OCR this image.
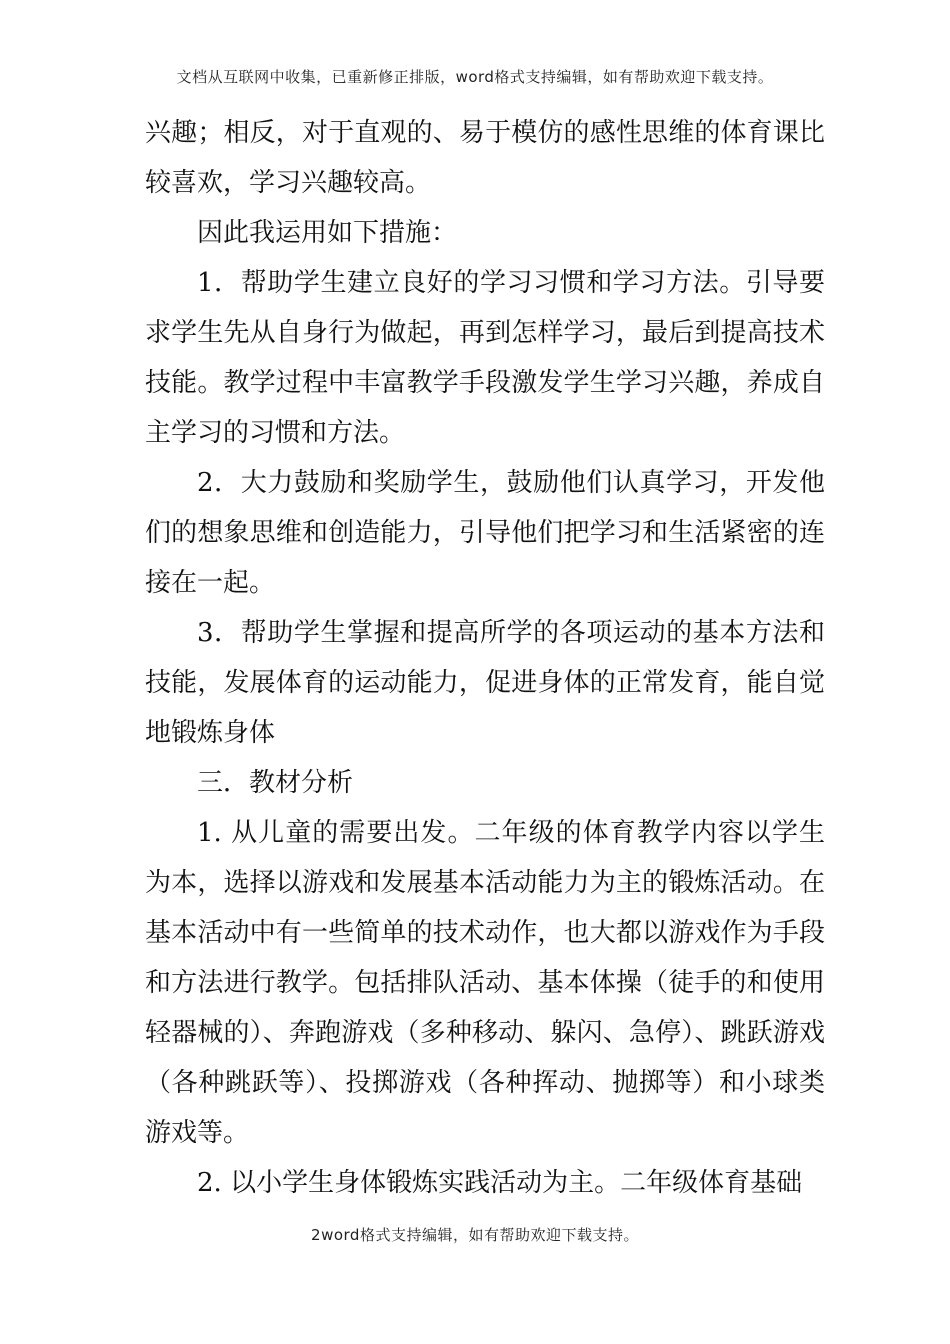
文档从互联网中收集，已重新修正排版，word格式支持编辑，如有帮助欢迎下载支持。

兴趣；相反，对于直观的、易于模仿的感性思维的体育课比较喜欢，学习兴趣较高。

因此我运用如下措施：

1．帮助学生建立良好的学习习惯和学习方法。引导要求学生先从自身行为做起，再到怎样学习，最后到提高技术技能。教学过程中丰富教学手段激发学生学习兴趣，养成自主学习的习惯和方法。

2．大力鼓励和奖励学生，鼓励他们认真学习，开发他们的想象思维和创造能力，引导他们把学习和生活紧密的连接在一起。

3．帮助学生掌握和提高所学的各项运动的基本方法和技能，发展体育的运动能力，促进身体的正常发育，能自觉地锻炼身体

三．教材分析

1. 从儿童的需要出发。二年级的体育教学内容以学生为本，选择以游戏和发展基本活动能力为主的锻炼活动。在基本活动中有一些简单的技术动作，也大都以游戏作为手段和方法进行教学。包括排队活动、基本体操（徒手的和使用轻器械的）、奔跑游戏（多种移动、躲闪、急停）、跳跃游戏（各种跳跃等）、投掷游戏（各种挥动、抛掷等）和小球类游戏等。

2. 以小学生身体锻炼实践活动为主。二年级体育基础

2word格式支持编辑，如有帮助欢迎下载支持。
